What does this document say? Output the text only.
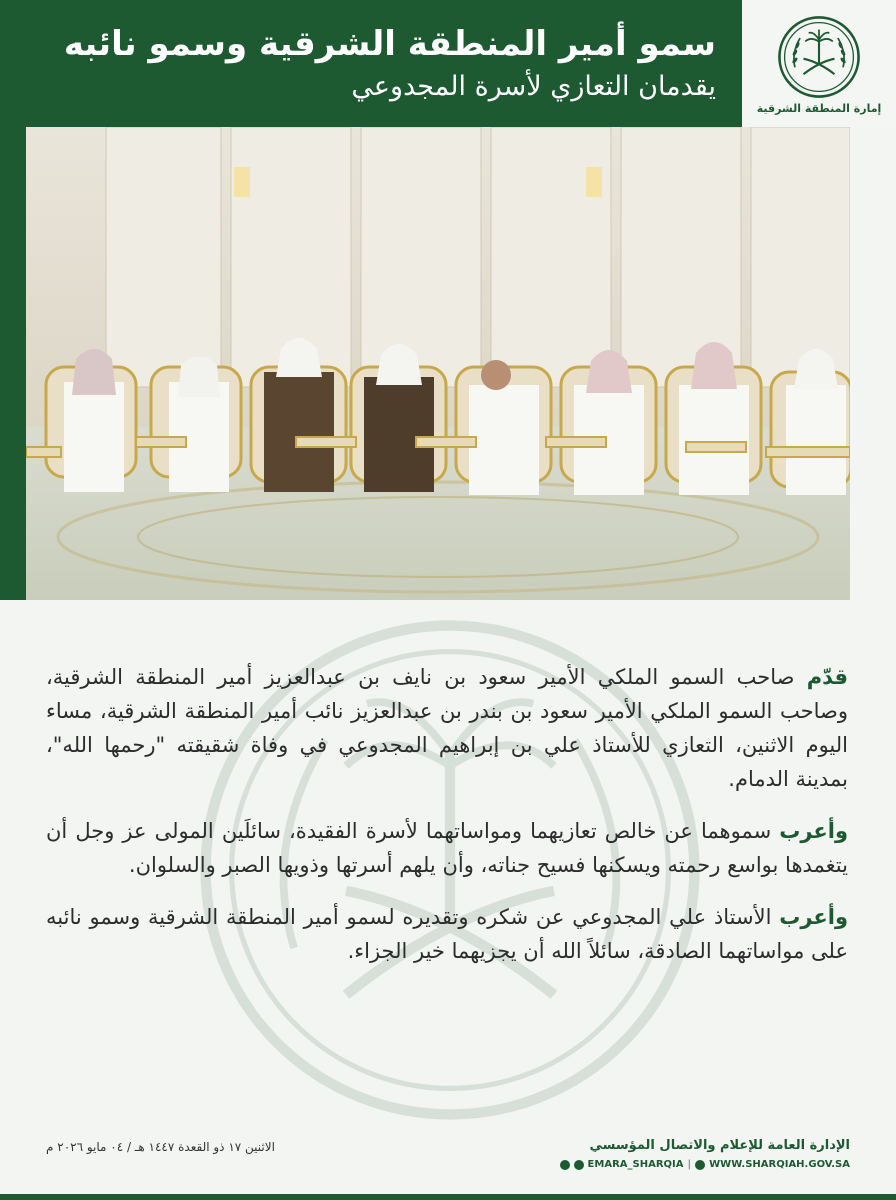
سمو أمير المنطقة الشرقية وسمو نائبه
يقدمان التعازي لأسرة المجدوعي
إمارة المنطقة الشرقية

قدّم صاحب السمو الملكي الأمير سعود بن نايف بن عبدالعزيز أمير المنطقة الشرقية، وصاحب السمو الملكي الأمير سعود بن بندر بن عبدالعزيز نائب أمير المنطقة الشرقية، مساء اليوم الاثنين، التعازي للأستاذ علي بن إبراهيم المجدوعي في وفاة شقيقته "رحمها الله"، بمدينة الدمام.

وأعرب سموهما عن خالص تعازيهما ومواساتهما لأسرة الفقيدة، سائلَين المولى عز وجل أن يتغمدها بواسع رحمته ويسكنها فسيح جناته، وأن يلهم أسرتها وذويها الصبر والسلوان.

وأعرب الأستاذ علي المجدوعي عن شكره وتقديره لسمو أمير المنطقة الشرقية وسمو نائبه على مواساتهما الصادقة، سائلاً الله أن يجزيهما خير الجزاء.

الاثنين ١٧ ذو القعدة ١٤٤٧ هـ / ٠٤ مايو ٢٠٢٦ م	الإدارة العامة للإعلام والاتصال المؤسسي
EMARA_SHARQIA | WWW.SHARQIAH.GOV.SA
